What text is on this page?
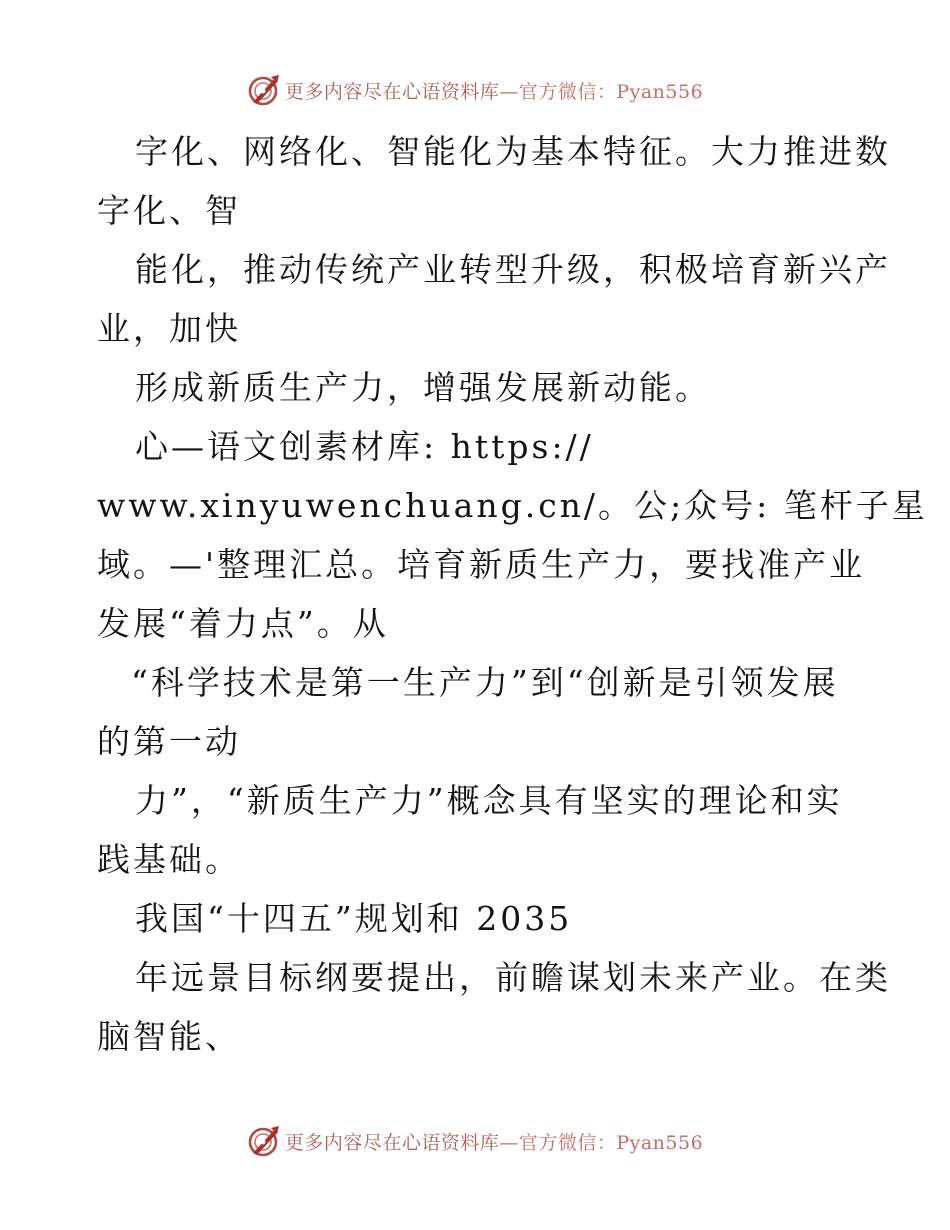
更多内容尽在心语资料库—官方微信：Pyan556
字化、网络化、智能化为基本特征。大力推进数
字化、智
能化，推动传统产业转型升级，积极培育新兴产
业，加快
形成新质生产力，增强发展新动能。
心—语文创素材库: https://
www.xinyuwenchuang.cn/。公;众号: 笔杆子星
域。—'整理汇总。培育新质生产力，要找准产业
发展“着力点”。从
“科学技术是第一生产力”到“创新是引领发展
的第一动
力”，“新质生产力”概念具有坚实的理论和实
践基础。
我国“十四五”规划和 2035
年远景目标纲要提出，前瞻谋划未来产业。在类
脑智能、
更多内容尽在心语资料库—官方微信：Pyan556
